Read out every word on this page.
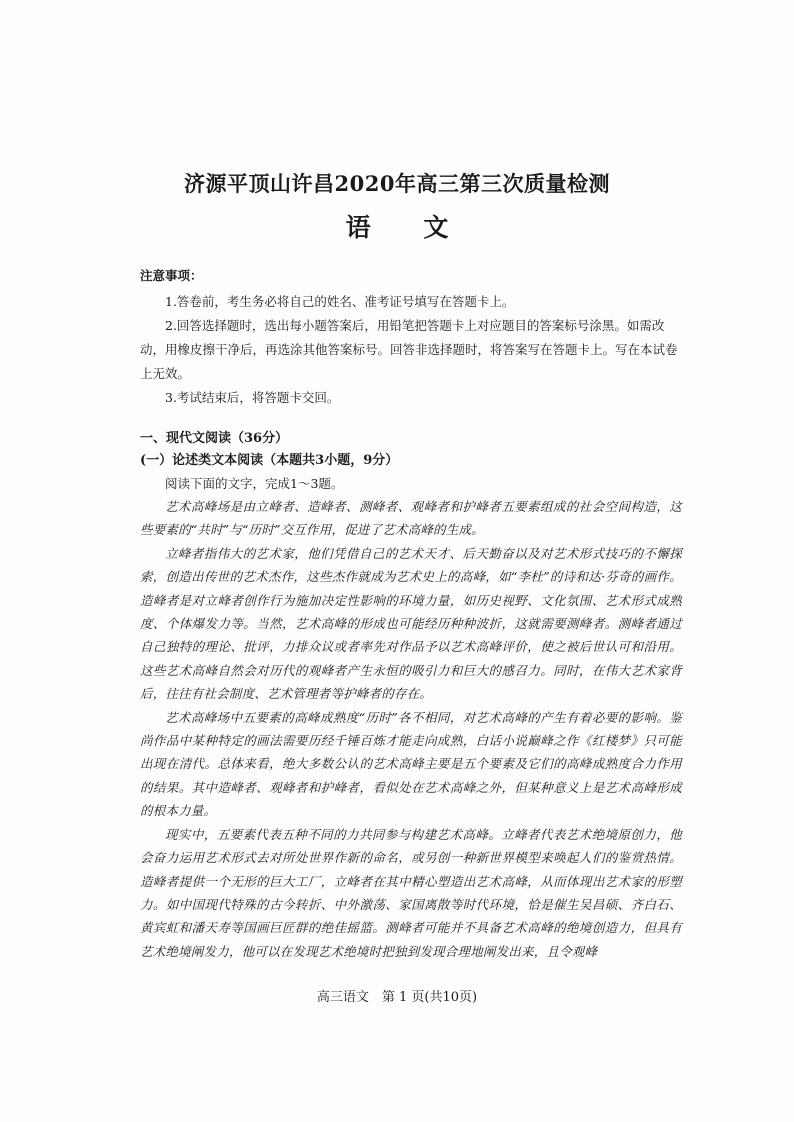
济源平顶山许昌2020年高三第三次质量检测
语 文
注意事项：

1.答卷前，考生务必将自己的姓名、准考证号填写在答题卡上。

2.回答选择题时，选出每小题答案后，用铅笔把答题卡上对应题目的答案标号涂黑。如需改动，用橡皮擦干净后，再选涂其他答案标号。回答非选择题时，将答案写在答题卡上。写在本试卷上无效。

3.考试结束后，将答题卡交回。

一、现代文阅读（36分）
(一）论述类文本阅读（本题共3小题，9分）

阅读下面的文字，完成1～3题。

艺术高峰场是由立峰者、造峰者、测峰者、观峰者和护峰者五要素组成的社会空间构造，这些要素的“共时”与“历时”交互作用，促进了艺术高峰的生成。

立峰者指伟大的艺术家，他们凭借自己的艺术天才、后天勤奋以及对艺术形式技巧的不懈探索，创造出传世的艺术杰作，这些杰作就成为艺术史上的高峰，如“李杜”的诗和达·芬奇的画作。造峰者是对立峰者创作行为施加决定性影响的环境力量，如历史视野、文化氛围、艺术形式成熟度、个体爆发力等。当然，艺术高峰的形成也可能经历种种波折，这就需要测峰者。测峰者通过自己独特的理论、批评，力排众议或者率先对作品予以艺术高峰评价，使之被后世认可和沿用。这些艺术高峰自然会对历代的观峰者产生永恒的吸引力和巨大的感召力。同时，在伟大艺术家背后，往往有社会制度、艺术管理者等护峰者的存在。

艺术高峰场中五要素的高峰成熟度“历时”各不相同，对艺术高峰的产生有着必要的影响。鉴尚作品中某种特定的画法需要历经千锤百炼才能走向成熟，白话小说巅峰之作《红楼梦》只可能出现在清代。总体来看，绝大多数公认的艺术高峰主要是五个要素及它们的高峰成熟度合力作用的结果。其中造峰者、观峰者和护峰者，看似处在艺术高峰之外，但某种意义上是艺术高峰形成的根本力量。

现实中，五要素代表五种不同的力共同参与构建艺术高峰。立峰者代表艺术绝境原创力，他会奋力运用艺术形式去对所处世界作新的命名，或另创一种新世界模型来唤起人们的鉴赏热情。造峰者提供一个无形的巨大工厂，立峰者在其中精心塑造出艺术高峰，从而体现出艺术家的形塑力。如中国现代特殊的古今转折、中外激荡、家国离散等时代环境，恰是催生吴昌硕、齐白石、黄宾虹和潘天寿等国画巨匠群的绝佳摇篮。测峰者可能并不具备艺术高峰的绝境创造力，但具有艺术绝境阐发力，他可以在发现艺术绝境时把独到发现合理地阐发出来，且令观峰

高三语文　第 1 页(共10页)
